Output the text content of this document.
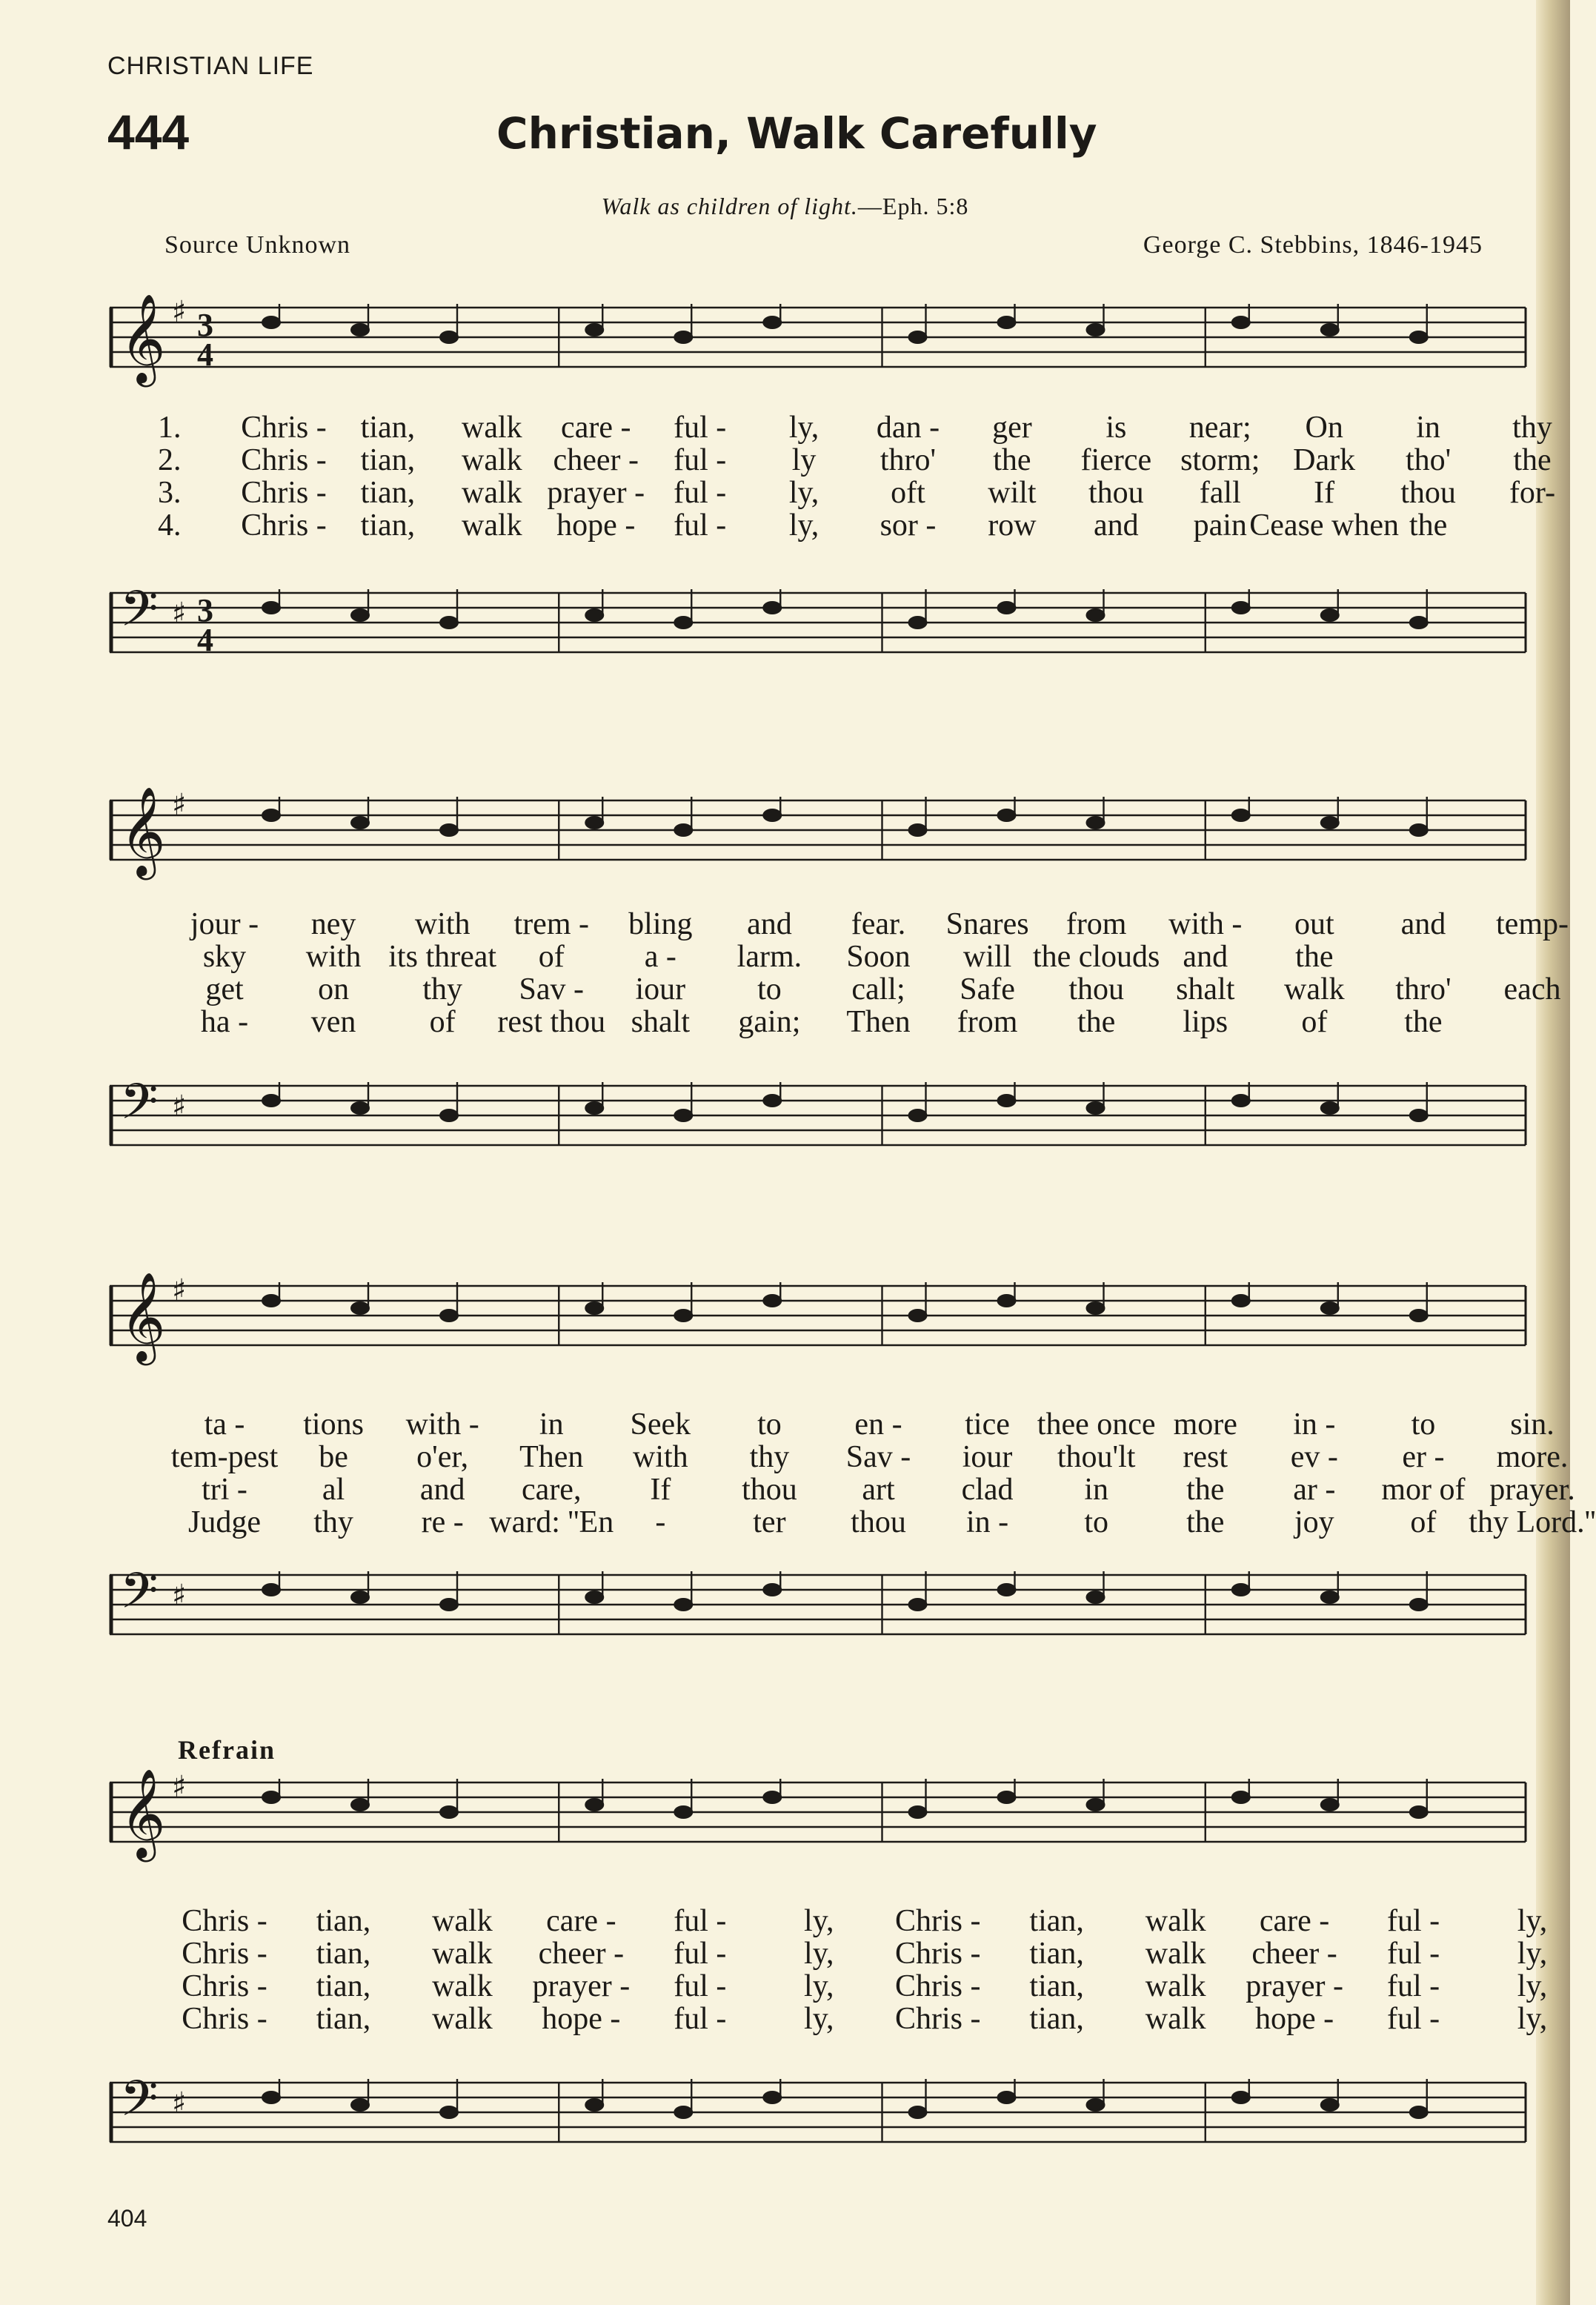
CHRISTIAN LIFE
444	Christian, Walk Carefully
Walk as children of light.—Eph. 5:8
Source Unknown	George C. Stebbins, 1846-1945
𝄞 ♯ 3
4
1. Chris - tian, walk care - ful - ly, dan - ger is near; On in thy
2. Chris - tian, walk cheer - ful - ly thro' the fierce storm; Dark tho' the
3. Chris - tian, walk prayer - ful - ly, oft wilt thou fall If thou for-
4. Chris - tian, walk hope - ful - ly, sor - row and pain Cease when the
𝄢 ♯ 3
4
𝄞 ♯
jour - ney with trem - bling and fear. Snares from with - out and temp-
sky with its threat of	a - larm. Soon will the clouds and the
get on thy Sav - iour to call; Safe thou shalt walk thro' each
ha - ven of rest thou shalt gain; Then from the lips of the
𝄢 ♯
𝄞 ♯
ta - tions with - in Seek to en - tice thee once more in - to sin.
tem-pest be o'er, Then with thy Sav - iour thou'lt rest ev - er - more.
tri - al and care, If thou art clad in	the ar - mor of prayer.
Judge thy re - ward: ''En -	ter thou in - to	the joy of thy Lord.''
𝄢 ♯
Refrain
𝄞 ♯
Chris - tian, walk care - ful - ly, Chris - tian, walk care - ful - ly,
Chris - tian, walk cheer - ful - ly, Chris - tian, walk cheer - ful - ly,
Chris - tian, walk prayer - ful - ly, Chris - tian, walk prayer - ful - ly,
Chris - tian, walk hope - ful - ly, Chris - tian, walk hope - ful - ly,
𝄢 ♯
404
